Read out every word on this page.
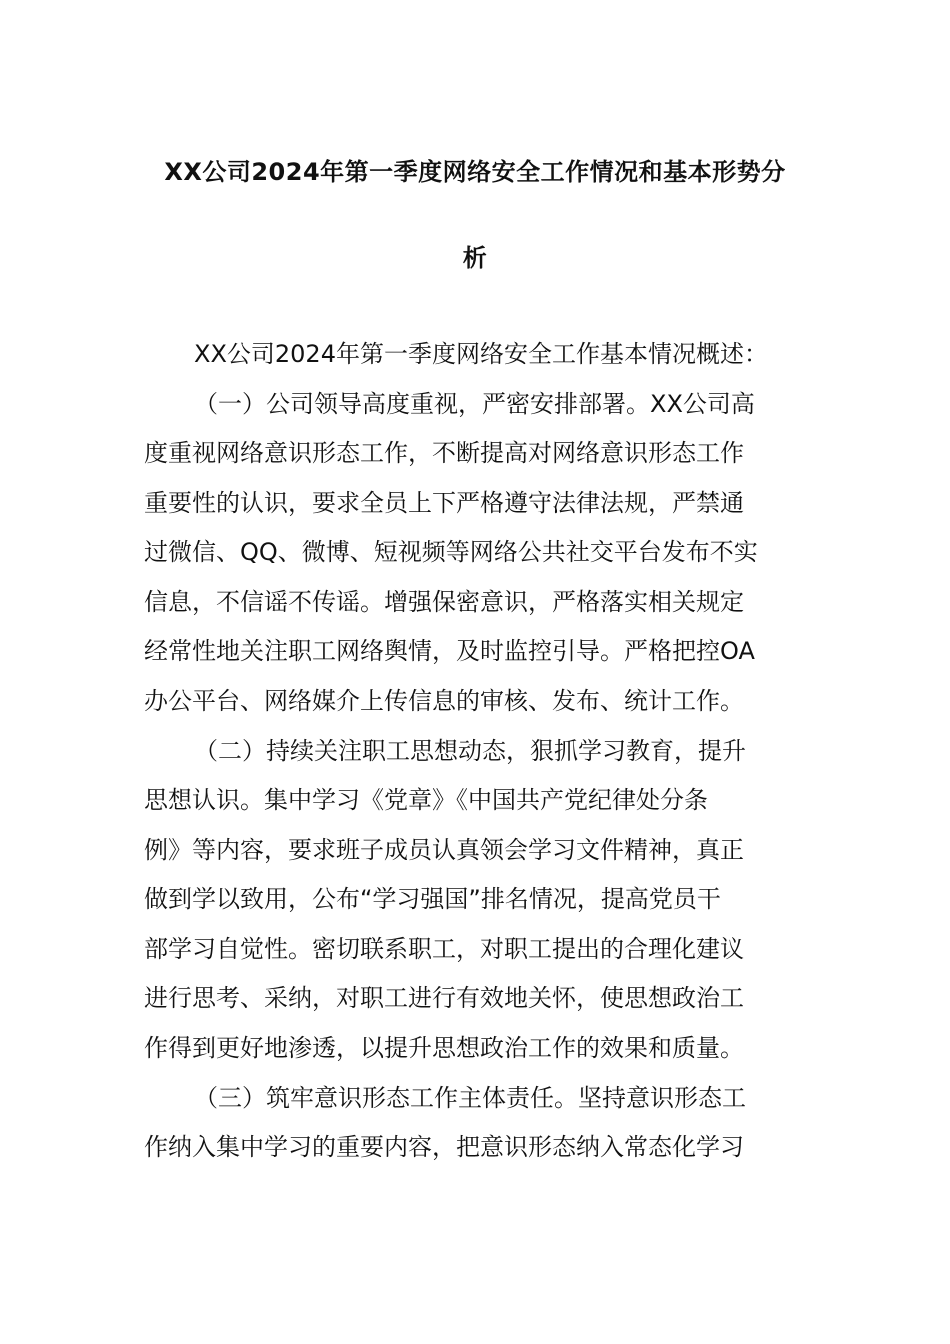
XX公司2024年第一季度网络安全工作情况和基本形势分
析
XX公司2024年第一季度网络安全工作基本情况概述：
（一）公司领导高度重视，严密安排部署。XX公司高
度重视网络意识形态工作，不断提高对网络意识形态工作
重要性的认识，要求全员上下严格遵守法律法规，严禁通
过微信、QQ、微博、短视频等网络公共社交平台发布不实
信息，不信谣不传谣。增强保密意识，严格落实相关规定
经常性地关注职工网络舆情，及时监控引导。严格把控OA
办公平台、网络媒介上传信息的审核、发布、统计工作。
（二）持续关注职工思想动态，狠抓学习教育，提升
思想认识。集中学习《党章》《中国共产党纪律处分条
例》等内容，要求班子成员认真领会学习文件精神，真正
做到学以致用，公布“学习强国”排名情况，提高党员干
部学习自觉性。密切联系职工，对职工提出的合理化建议
进行思考、采纳，对职工进行有效地关怀，使思想政治工
作得到更好地渗透，以提升思想政治工作的效果和质量。
（三）筑牢意识形态工作主体责任。坚持意识形态工
作纳入集中学习的重要内容，把意识形态纳入常态化学习
